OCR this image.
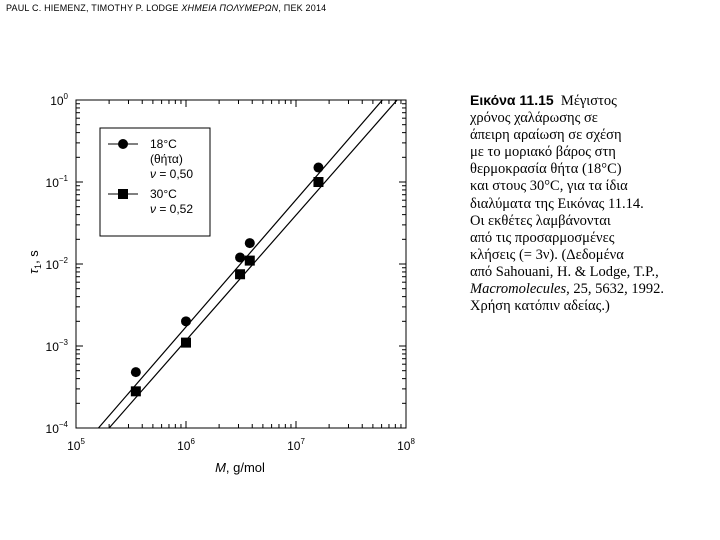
PAUL C. HIEMENZ, TIMOTHY P. LODGE ΧΗΜΕΙΑ ΠΟΛΥΜΕΡΩΝ, ΠΕΚ 2014
$10^5$	$10^6$	$10^7$	$10^8$
$10^0$
$10^{-1}$
$10^{-2}$
$10^{-3}$
$10^{-4}$
M, g/mol
$\tau_1$, s
18°C
(θήτα)
ν = 0,50
30°C
ν = 0,52
Εικόνα 11.15 Μέγιστος
χρόνος χαλάρωσης σε
άπειρη αραίωση σε σχέση
με το μοριακό βάρος στη
θερμοκρασία θήτα (18°C)
και στους 30°C, για τα ίδια
διαλύματα της Εικόνας 11.14.
Οι εκθέτες λαμβάνονται
από τις προσαρμοσμένες
κλήσεις (= 3ν). (Δεδομένα
από Sahouani, H. & Lodge, T.P.,
Macromolecules, 25, 5632, 1992.
Χρήση κατόπιν αδείας.)
